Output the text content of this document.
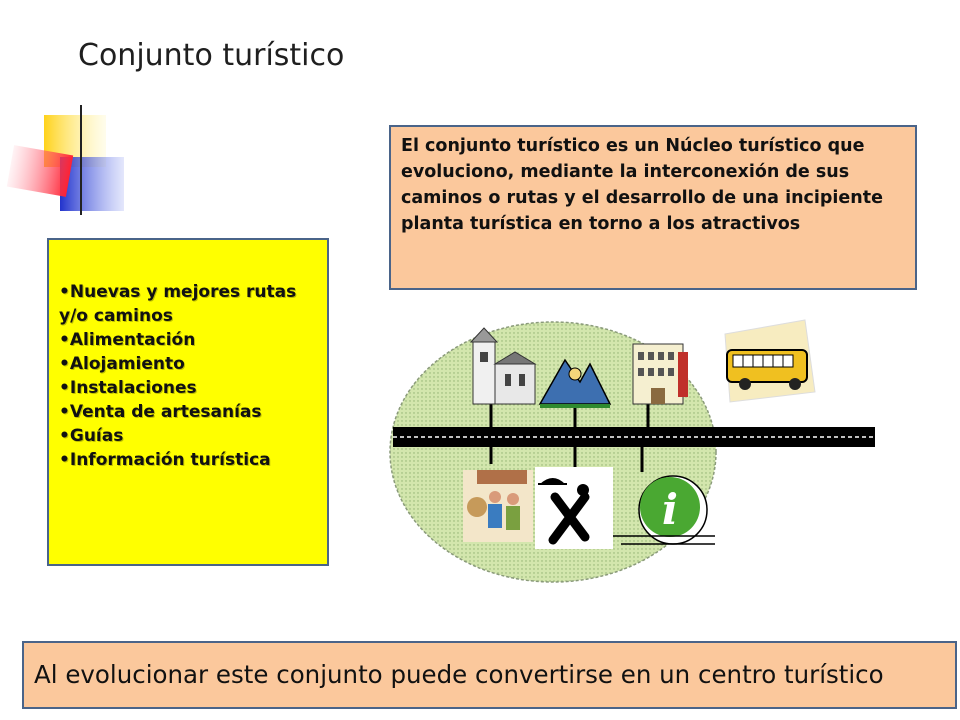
Conjunto turístico
El conjunto turístico es un Núcleo turístico que evoluciono, mediante la interconexión de sus caminos o rutas y el desarrollo de una incipiente planta turística en torno a los atractivos
• Nuevas y mejores rutas y/o caminos
• Alimentación
• Alojamiento
• Instalaciones
• Venta de artesanías
• Guías
• Información turística
i
Al evolucionar este conjunto puede convertirse en un centro turístico
